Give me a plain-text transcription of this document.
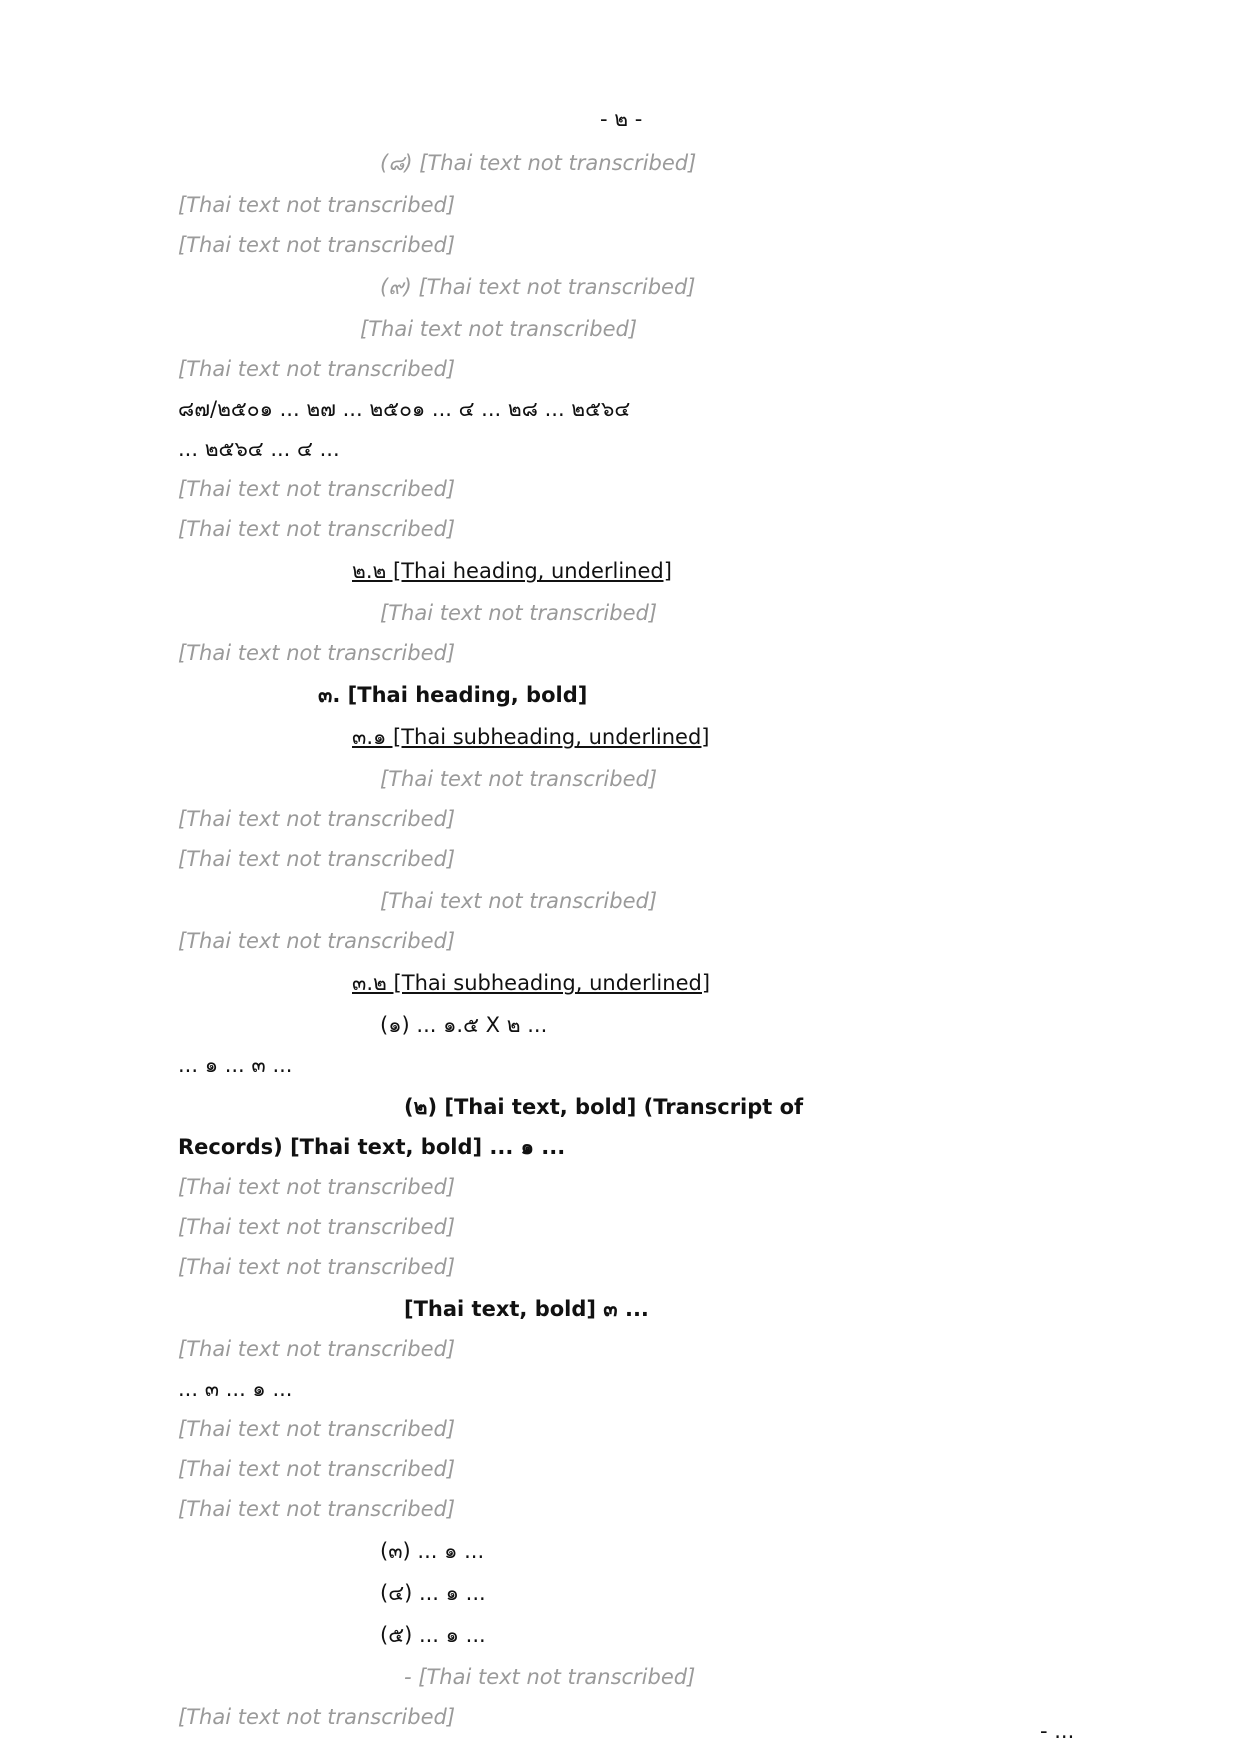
- ๒ -
(๘) [Thai text not transcribed]
[Thai text not transcribed]
[Thai text not transcribed]
(๙) [Thai text not transcribed]
[Thai text not transcribed]
[Thai text not transcribed]
๘๗/๒๕๐๑ ... ๒๗ ... ๒๕๐๑ ... ๔ ... ๒๘ ... ๒๕๖๔
... ๒๕๖๔ ... ๔ ...
[Thai text not transcribed]
[Thai text not transcribed]
๒.๒ [Thai heading, underlined]
[Thai text not transcribed]
[Thai text not transcribed]
๓. [Thai heading, bold]
๓.๑ [Thai subheading, underlined]
[Thai text not transcribed]
[Thai text not transcribed]
[Thai text not transcribed]
[Thai text not transcribed]
[Thai text not transcribed]
๓.๒ [Thai subheading, underlined]
(๑) ... ๑.๕ X ๒ ...
... ๑ ... ๓ ...
(๒) [Thai text, bold] (Transcript of
Records) [Thai text, bold] ... ๑ ...
[Thai text not transcribed]
[Thai text not transcribed]
[Thai text not transcribed]
[Thai text, bold] ๓ ...
[Thai text not transcribed]
... ๓ ... ๑ ...
[Thai text not transcribed]
[Thai text not transcribed]
[Thai text not transcribed]
(๓) ... ๑ ...
(๔) ... ๑ ...
(๕) ... ๑ ...
- [Thai text not transcribed]
[Thai text not transcribed]
- ...
